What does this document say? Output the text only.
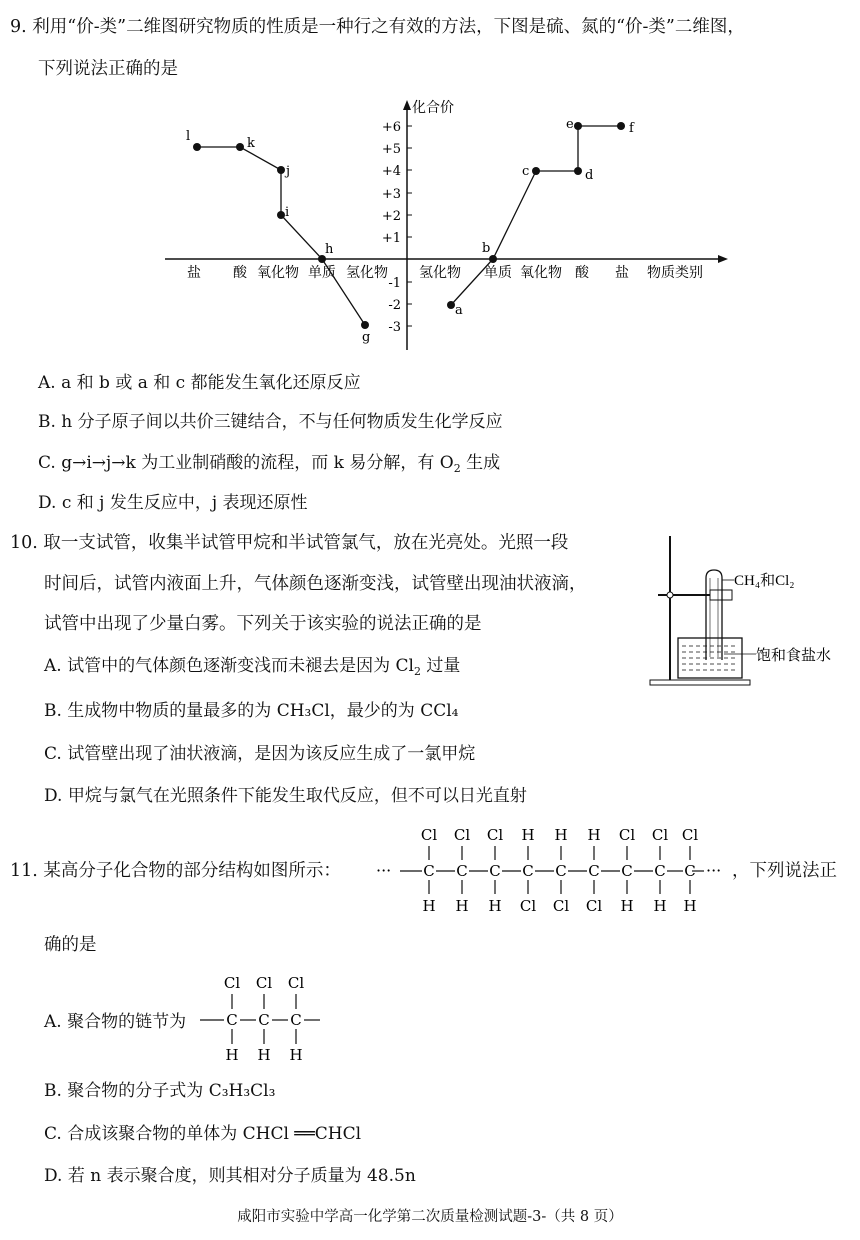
9. 利用“价-类”二维图研究物质的性质是一种行之有效的方法，下图是硫、氮的“价-类”二维图，
下列说法正确的是
化合价
物质类别
+6
+5
+4
+3
+2
+1
-1
-2
-3
盐 酸 氧化物 单质 氢化物 氢化物 单质 氧化物 酸 盐
l	k
j
i
h
g
a
b
c	d
e	f
A. a 和 b 或 a 和 c 都能发生氧化还原反应
B. h 分子原子间以共价三键结合，不与任何物质发生化学反应
C. g→i→j→k 为工业制硝酸的流程，而 k 易分解，有 $O_2$ 生成
D. c 和 j 发生反应中，j 表现还原性
10. 取一支试管，收集半试管甲烷和半试管氯气，放在光亮处。光照一段
时间后，试管内液面上升，气体颜色逐渐变浅，试管壁出现油状液滴，
试管中出现了少量白雾。下列关于该实验的说法正确的是
CH₄和Cl₂
饱和食盐水
A. 试管中的气体颜色逐渐变浅而未褪去是因为 $Cl_2$ 过量
B. 生成物中物质的量最多的为 CH₃Cl，最少的为 CCl₄
C. 试管壁出现了油状液滴，是因为该反应生成了一氯甲烷
D. 甲烷与氯气在光照条件下能发生取代反应，但不可以日光直射
11. 某高分子化合物的部分结构如图所示： ···	···
C C C C C C C C C
Cl Cl Cl H H H Cl Cl Cl
H H H Cl Cl Cl H H H
，下列说法正
确的是
A. 聚合物的链节为	C C C
Cl Cl Cl
H H H
B. 聚合物的分子式为 C₃H₃Cl₃
C. 合成该聚合物的单体为 CHCl ══CHCl
D. 若 n 表示聚合度，则其相对分子质量为 48.5n
咸阳市实验中学高一化学第二次质量检测试题-3-（共 8 页）
